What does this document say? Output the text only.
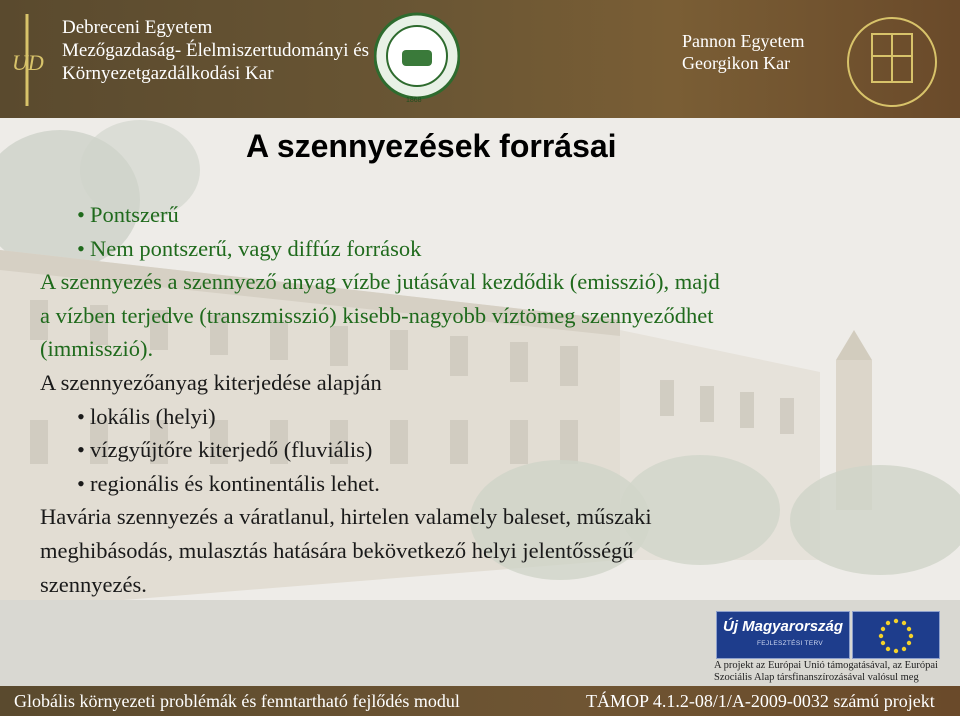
UD
Debreceni Egyetem
Mezőgazdaság- Élelmiszertudományi és
Környezetgazdálkodási Kar
1868
Pannon Egyetem
Georgikon Kar
A szennyezések forrásai
• Pontszerű
• Nem pontszerű, vagy diffúz források
A szennyezés a szennyező anyag vízbe jutásával kezdődik (emisszió), majd
a vízben terjedve (transzmisszió) kisebb-nagyobb víztömeg szennyeződhet
(immisszió).
A szennyezőanyag kiterjedése alapján
• lokális (helyi)
• vízgyűjtőre kiterjedő (fluviális)
• regionális és kontinentális lehet.
Havária szennyezés a váratlanul, hirtelen valamely baleset, műszaki
meghibásodás, mulasztás hatására bekövetkező helyi jelentősségű
szennyezés.
Új Magyarország
FEJLESZTÉSI TERV
A projekt az Európai Unió támogatásával, az Európai
Szociális Alap társfinanszírozásával valósul meg
Globális környezeti problémák és fenntartható fejlődés modul	TÁMOP 4.1.2-08/1/A-2009-0032 számú projekt
